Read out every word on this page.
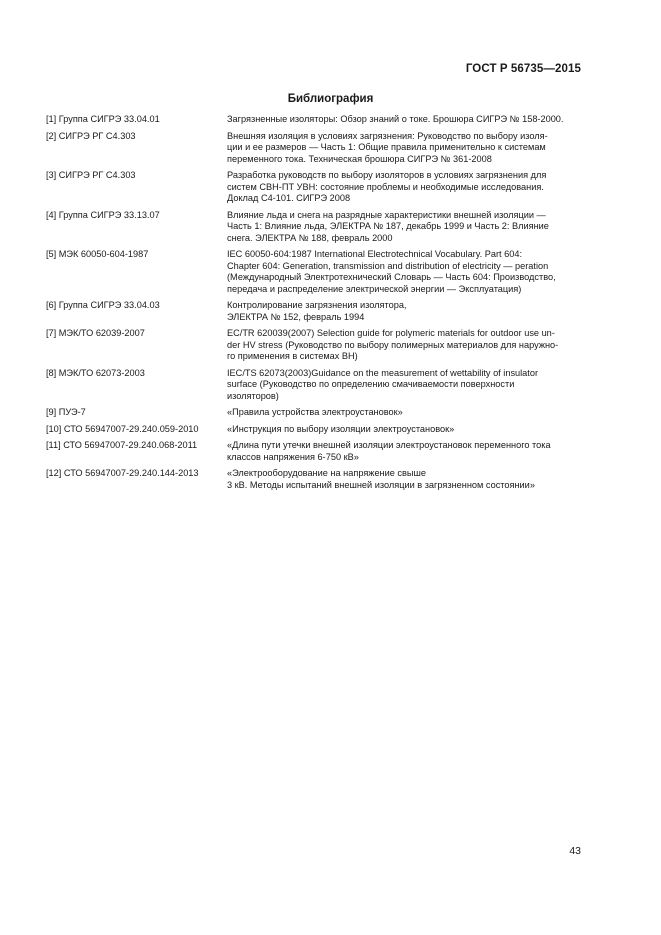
ГОСТ Р 56735—2015
Библиография
[1] Группа СИГРЭ 33.04.01	Загрязненные изоляторы: Обзор знаний о токе. Брошюра СИГРЭ № 158-2000.
[2] СИГРЭ РГ С4.303	Внешняя изоляция в условиях загрязнения: Руководство по выбору изоля-
ции и ее размеров — Часть 1: Общие правила применительно к системам
переменного тока. Техническая брошюра СИГРЭ № 361-2008
[3] СИГРЭ РГ С4.303	Разработка руководств по выбору изоляторов в условиях загрязнения для
систем СВН-ПТ УВН: состояние проблемы и необходимые исследования.
Доклад С4-101. СИГРЭ 2008
[4] Группа СИГРЭ 33.13.07	Влияние льда и снега на разрядные характеристики внешней изоляции —
Часть 1: Влияние льда, ЭЛЕКТРА № 187, декабрь 1999 и Часть 2: Влияние
снега. ЭЛЕКТРА № 188, февраль 2000
[5] МЭК 60050-604-1987	IEC 60050-604:1987 International Electrotechnical Vocabulary. Part 604:
Chapter 604: Generation, transmission and distribution of electricity — peration
(Международный Электротехнический Словарь — Часть 604: Производство,
передача и распределение электрической энергии — Эксплуатация)
[6] Группа СИГРЭ 33.04.03	Контролирование загрязнения изолятора,
ЭЛЕКТРА № 152, февраль 1994
[7] МЭК/ТО 62039-2007	EC/TR 620039(2007) Selection guide for polymeric materials for outdoor use un-
der HV stress (Руководство по выбору полимерных материалов для наружно-
го применения в системах ВН)
[8] МЭК/ТО 62073-2003	IEC/TS 62073(2003)Guidance on the measurement of wettability of insulator
surface (Руководство по определению смачиваемости поверхности
изоляторов)
[9] ПУЭ-7	«Правила устройства электроустановок»
[10] СТО 56947007-29.240.059-2010	«Инструкция по выбору изоляции электроустановок»
[11] СТО 56947007-29.240.068-2011	«Длина пути утечки внешней изоляции электроустановок переменного тока
классов напряжения 6-750 кВ»
[12] СТО 56947007-29.240.144-2013	«Электрооборудование на напряжение свыше
3 кВ. Методы испытаний внешней изоляции в загрязненном состоянии»
43
